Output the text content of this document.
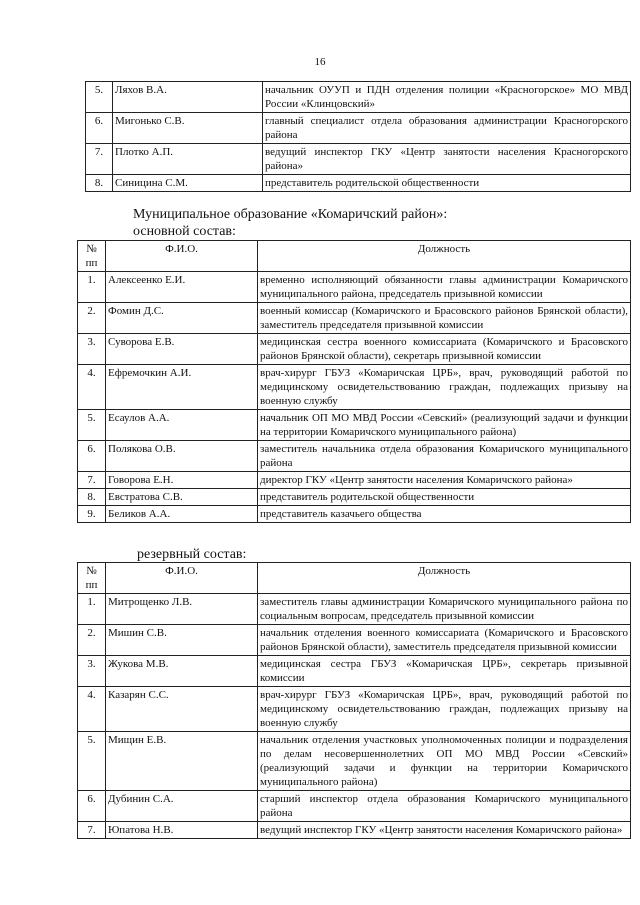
16
5.	Ляхов В.А.	начальник ОУУП и ПДН отделения полиции «Красногорское» МО МВД России «Клинцовский»
6.	Мигонько С.В.	главный специалист отдела образования администрации Красногорского района
7.	Плотко А.П.	ведущий инспектор ГКУ «Центр занятости населения Красногорского района»
8.	Синицина С.М.	представитель родительской общественности
Муниципальное образование «Комаричский район»:
основной состав:
№ пп	Ф.И.О.	Должность
1.	Алексеенко Е.И.	временно исполняющий обязанности главы администрации Комаричского муниципального района, председатель призывной комиссии
2.	Фомин Д.С.	военный комиссар (Комаричского и Брасовского районов Брянской области), заместитель председателя призывной комиссии
3.	Суворова Е.В.	медицинская сестра военного комиссариата (Комаричского и Брасовского районов Брянской области), секретарь призывной комиссии
4.	Ефремочкин А.И.	врач-хирург ГБУЗ «Комаричская ЦРБ», врач, руководящий работой по медицинскому освидетельствованию граждан, подлежащих призыву на военную службу
5.	Есаулов А.А.	начальник ОП МО МВД России «Севский» (реализующий задачи и функции на территории Комаричского муниципального района)
6.	Полякова О.В.	заместитель начальника отдела образования Комаричского муниципального района
7.	Говорова Е.Н.	директор ГКУ «Центр занятости населения Комаричского района»
8.	Евстратова С.В.	представитель родительской общественности
9.	Беликов А.А.	представитель казачьего общества
резервный состав:
№ пп	Ф.И.О.	Должность
1.	Митрощенко Л.В.	заместитель главы администрации Комаричского муниципального района по социальным вопросам, председатель призывной комиссии
2.	Мишин С.В.	начальник отделения военного комиссариата (Комаричского и Брасовского районов Брянской области), заместитель председателя призывной комиссии
3.	Жукова М.В.	медицинская сестра ГБУЗ «Комаричская ЦРБ», секретарь призывной комиссии
4.	Казарян С.С.	врач-хирург ГБУЗ «Комаричская ЦРБ», врач, руководящий работой по медицинскому освидетельствованию граждан, подлежащих призыву на военную службу
5.	Мищин Е.В.	начальник отделения участковых уполномоченных полиции и подразделения по делам несовершеннолетних ОП МО МВД России «Севский» (реализующий задачи и функции на территории Комаричского муниципального района)
6.	Дубинин С.А.	старший инспектор отдела образования Комаричского муниципального района
7.	Юпатова Н.В.	ведущий инспектор ГКУ «Центр занятости населения Комаричского района»
